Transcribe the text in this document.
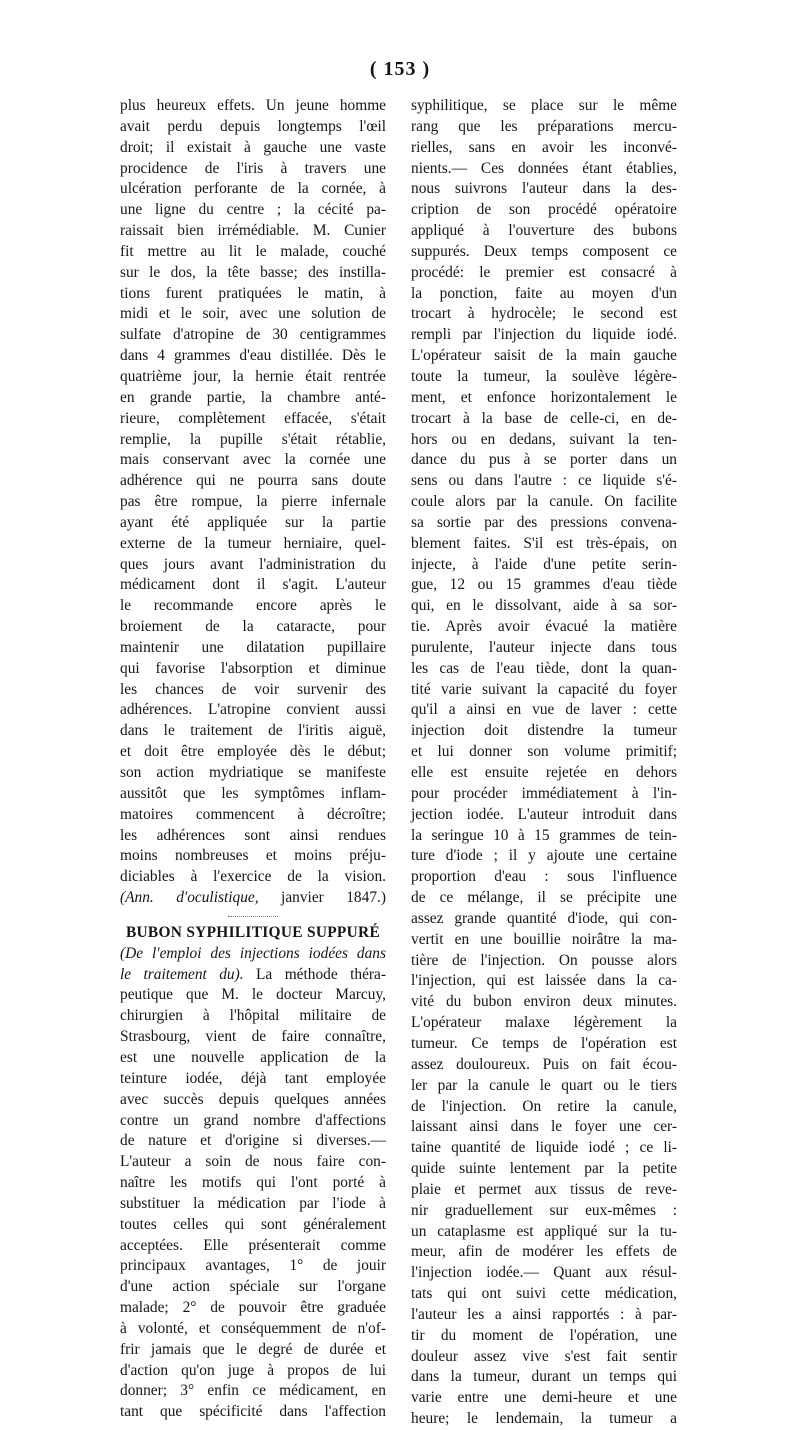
( 153 )
plus heureux effets. Un jeune homme
avait perdu depuis longtemps l'œil
droit; il existait à gauche une vaste
procidence de l'iris à travers une
ulcération perforante de la cornée, à
une ligne du centre ; la cécité pa-
raissait bien irrémédiable. M. Cunier
fit mettre au lit le malade, couché
sur le dos, la tête basse; des instilla-
tions furent pratiquées le matin, à
midi et le soir, avec une solution de
sulfate d'atropine de 30 centigrammes
dans 4 grammes d'eau distillée. Dès le
quatrième jour, la hernie était rentrée
en grande partie, la chambre anté-
rieure, complètement effacée, s'était
remplie, la pupille s'était rétablie,
mais conservant avec la cornée une
adhérence qui ne pourra sans doute
pas être rompue, la pierre infernale
ayant été appliquée sur la partie
externe de la tumeur herniaire, quel-
ques jours avant l'administration du
médicament dont il s'agit. L'auteur
le recommande encore après le
broiement de la cataracte, pour
maintenir une dilatation pupillaire
qui favorise l'absorption et diminue
les chances de voir survenir des
adhérences. L'atropine convient aussi
dans le traitement de l'iritis aiguë,
et doit être employée dès le début;
son action mydriatique se manifeste
aussitôt que les symptômes inflam-
matoires commencent à décroître;
les adhérences sont ainsi rendues
moins nombreuses et moins préju-
diciables à l'exercice de la vision.
(Ann. d'oculistique, janvier 1847.)
BUBON SYPHILITIQUE SUPPURÉ
(De l'emploi des injections iodées dans
le traitement du). La méthode théra-
peutique que M. le docteur Marcuy,
chirurgien à l'hôpital militaire de
Strasbourg, vient de faire connaître,
est une nouvelle application de la
teinture iodée, déjà tant employée
avec succès depuis quelques années
contre un grand nombre d'affections
de nature et d'origine si diverses.—
L'auteur a soin de nous faire con-
naître les motifs qui l'ont porté à
substituer la médication par l'iode à
toutes celles qui sont généralement
acceptées. Elle présenterait comme
principaux avantages, 1° de jouir
d'une action spéciale sur l'organe
malade; 2° de pouvoir être graduée
à volonté, et conséquemment de n'of-
frir jamais que le degré de durée et
d'action qu'on juge à propos de lui
donner; 3° enfin ce médicament, en
tant que spécificité dans l'affection
syphilitique, se place sur le même
rang que les préparations mercu-
rielles, sans en avoir les inconvé-
nients.— Ces données étant établies,
nous suivrons l'auteur dans la des-
cription de son procédé opératoire
appliqué à l'ouverture des bubons
suppurés. Deux temps composent ce
procédé: le premier est consacré à
la ponction, faite au moyen d'un
trocart à hydrocèle; le second est
rempli par l'injection du liquide iodé.
L'opérateur saisit de la main gauche
toute la tumeur, la soulève légère-
ment, et enfonce horizontalement le
trocart à la base de celle-ci, en de-
hors ou en dedans, suivant la ten-
dance du pus à se porter dans un
sens ou dans l'autre : ce liquide s'é-
coule alors par la canule. On facilite
sa sortie par des pressions convena-
blement faites. S'il est très-épais, on
injecte, à l'aide d'une petite serin-
gue, 12 ou 15 grammes d'eau tiède
qui, en le dissolvant, aide à sa sor-
tie. Après avoir évacué la matière
purulente, l'auteur injecte dans tous
les cas de l'eau tiède, dont la quan-
tité varie suivant la capacité du foyer
qu'il a ainsi en vue de laver : cette
injection doit distendre la tumeur
et lui donner son volume primitif;
elle est ensuite rejetée en dehors
pour procéder immédiatement à l'in-
jection iodée. L'auteur introduit dans
la seringue 10 à 15 grammes de tein-
ture d'iode ; il y ajoute une certaine
proportion d'eau : sous l'influence
de ce mélange, il se précipite une
assez grande quantité d'iode, qui con-
vertit en une bouillie noirâtre la ma-
tière de l'injection. On pousse alors
l'injection, qui est laissée dans la ca-
vité du bubon environ deux minutes.
L'opérateur malaxe légèrement la
tumeur. Ce temps de l'opération est
assez douloureux. Puis on fait écou-
ler par la canule le quart ou le tiers
de l'injection. On retire la canule,
laissant ainsi dans le foyer une cer-
taine quantité de liquide iodé ; ce li-
quide suinte lentement par la petite
plaie et permet aux tissus de reve-
nir graduellement sur eux-mêmes :
un cataplasme est appliqué sur la tu-
meur, afin de modérer les effets de
l'injection iodée.— Quant aux résul-
tats qui ont suivi cette médication,
l'auteur les a ainsi rapportés : à par-
tir du moment de l'opération, une
douleur assez vive s'est fait sentir
dans la tumeur, durant un temps qui
varie entre une demi-heure et une
heure; le lendemain, la tumeur a
